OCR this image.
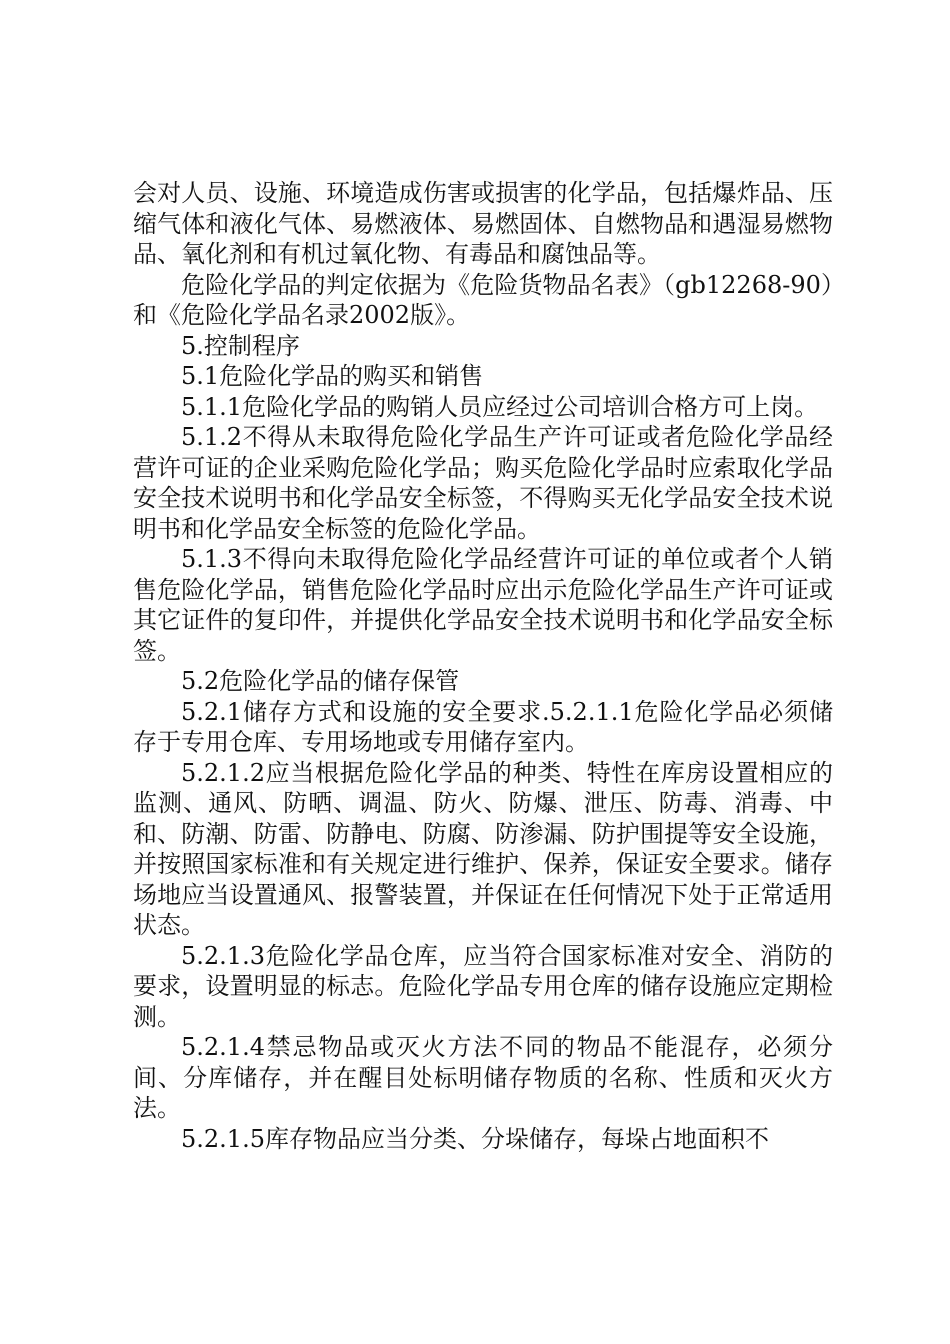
会对人员、设施、环境造成伤害或损害的化学品，包括爆炸品、压缩气体和液化气体、易燃液体、易燃固体、自燃物品和遇湿易燃物品、氧化剂和有机过氧化物、有毒品和腐蚀品等。

危险化学品的判定依据为《危险货物品名表》（gb12268-90）和《危险化学品名录2002版》。

5.控制程序

5.1危险化学品的购买和销售

5.1.1危险化学品的购销人员应经过公司培训合格方可上岗。

5.1.2不得从未取得危险化学品生产许可证或者危险化学品经营许可证的企业采购危险化学品；购买危险化学品时应索取化学品安全技术说明书和化学品安全标签，不得购买无化学品安全技术说明书和化学品安全标签的危险化学品。

5.1.3不得向未取得危险化学品经营许可证的单位或者个人销售危险化学品，销售危险化学品时应出示危险化学品生产许可证或其它证件的复印件，并提供化学品安全技术说明书和化学品安全标签。

5.2危险化学品的储存保管

5.2.1储存方式和设施的安全要求.5.2.1.1危险化学品必须储存于专用仓库、专用场地或专用储存室内。

5.2.1.2应当根据危险化学品的种类、特性在库房设置相应的监测、通风、防晒、调温、防火、防爆、泄压、防毒、消毒、中和、防潮、防雷、防静电、防腐、防渗漏、防护围提等安全设施，并按照国家标准和有关规定进行维护、保养，保证安全要求。储存场地应当设置通风、报警装置，并保证在任何情况下处于正常适用状态。

5.2.1.3危险化学品仓库，应当符合国家标准对安全、消防的要求，设置明显的标志。危险化学品专用仓库的储存设施应定期检测。

5.2.1.4禁忌物品或灭火方法不同的物品不能混存，必须分间、分库储存，并在醒目处标明储存物质的名称、性质和灭火方法。

5.2.1.5库存物品应当分类、分垛储存，每垛占地面积不
